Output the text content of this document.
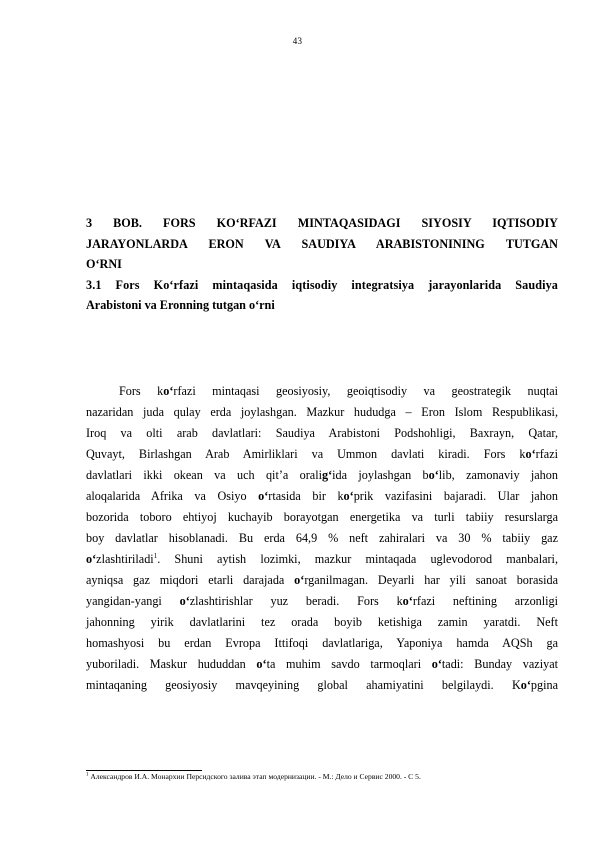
43
3 BOB. FORS KO‘RFAZI MINTAQASIDAGI SIYOSIY IQTISODIY
JARAYONLARDA ERON VA SAUDIYA ARABISTONINING TUTGAN
O‘RNI
3.1 Fors Ko‘rfazi mintaqasida iqtisodiy integratsiya jarayonlarida Saudiya
Arabistoni va Eronning tutgan o‘rni
Fors ko‘rfazi mintaqasi geosiyosiy, geoiqtisodiy va geostrategik nuqtai
nazaridan juda qulay erda joylashgan. Mazkur hududga – Eron Islom Respublikasi,
Iroq va olti arab davlatlari: Saudiya Arabistoni Podshohligi, Baxrayn, Qatar,
Quvayt, Birlashgan Arab Amirliklari va Ummon davlati kiradi. Fors ko‘rfazi
davlatlari ikki okean va uch qit’a oralig‘ida joylashgan bo‘lib, zamonaviy jahon
aloqalarida Afrika va Osiyo o‘rtasida bir ko‘prik vazifasini bajaradi. Ular jahon
bozorida toboro ehtiyoj kuchayib borayotgan energetika va turli tabiiy resurslarga
boy davlatlar hisoblanadi. Bu erda 64,9 % neft zahiralari va 30 % tabiiy gaz
o‘zlashtiriladi$^1$. Shuni aytish lozimki, mazkur mintaqada uglevodorod manbalari,
ayniqsa gaz miqdori etarli darajada o‘rganilmagan. Deyarli har yili sanoat borasida
yangidan-yangi o‘zlashtirishlar yuz beradi. Fors ko‘rfazi neftining arzonligi
jahonning yirik davlatlarini tez orada boyib ketishiga zamin yaratdi. Neft
homashyosi bu erdan Evropa Ittifoqi davlatlariga, Yaponiya hamda AQSh ga
yuboriladi. Maskur hududdan o‘ta muhim savdo tarmoqlari o‘tadi: Bunday vaziyat
mintaqaning geosiyosiy mavqeyining global ahamiyatini belgilaydi. Ko‘pgina
$^1$ Александров И.А. Монархии Персидского залива этап модернизации. - М.: Дело и Сервис 2000. - С 5.
